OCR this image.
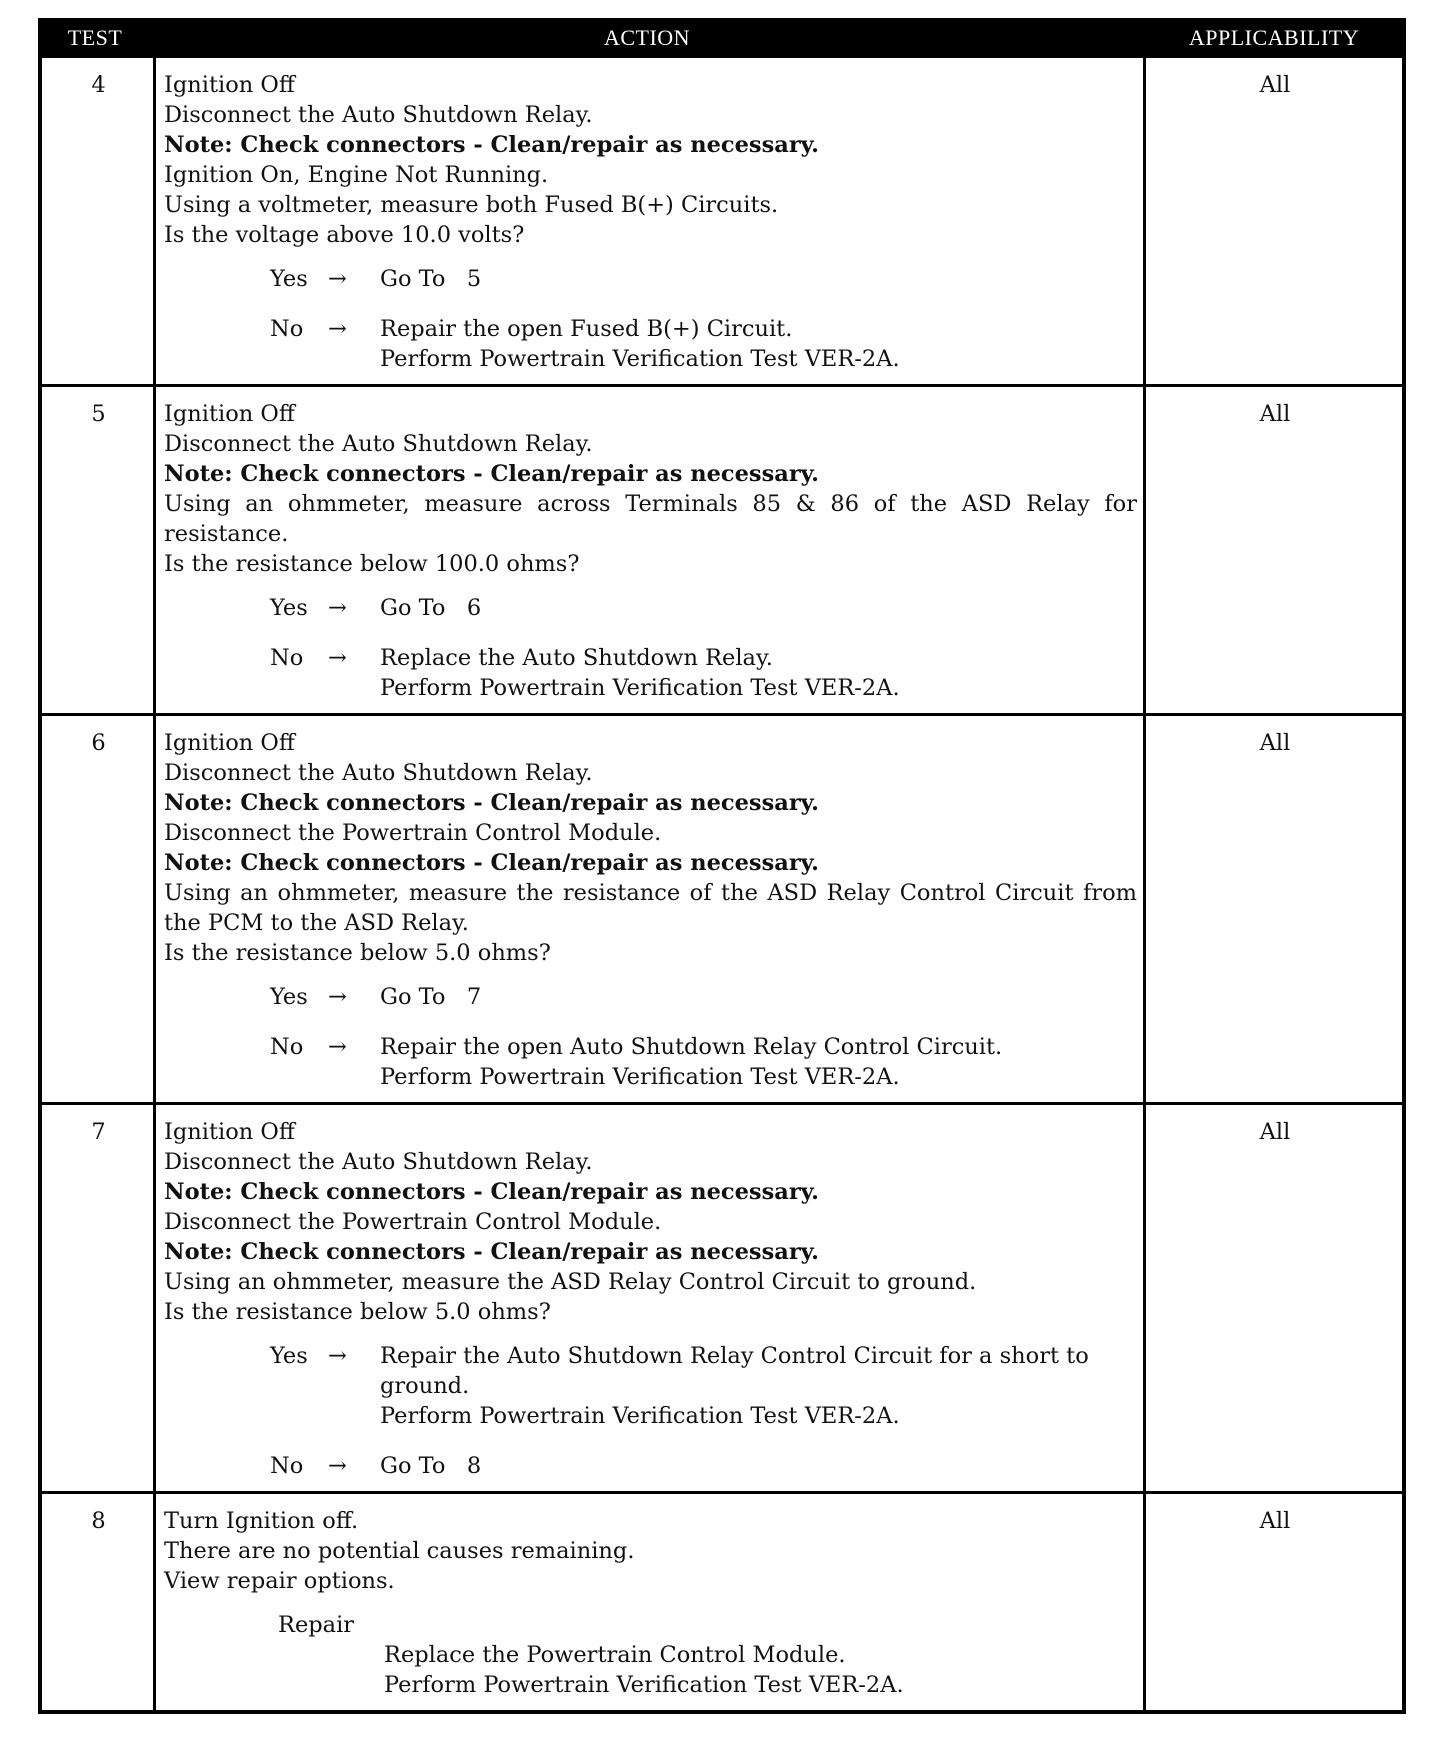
TEST	ACTION	APPLICABILITY
4	Ignition Off
Disconnect the Auto Shutdown Relay.
Note: Check connectors - Clean/repair as necessary.
Ignition On, Engine Not Running.
Using a voltmeter, measure both Fused B(+) Circuits.
Is the voltage above 10.0 volts?
Yes →	Go To   5
No	→	Repair the open Fused B(+) Circuit.
Perform Powertrain Verification Test VER-2A.
All
5	Ignition Off
Disconnect the Auto Shutdown Relay.
Note: Check connectors - Clean/repair as necessary.
Using an ohmmeter, measure across Terminals 85 & 86 of the ASD Relay for resistance.
Is the resistance below 100.0 ohms?
Yes →	Go To   6
No	→	Replace the Auto Shutdown Relay.
Perform Powertrain Verification Test VER-2A.
All
6	Ignition Off
Disconnect the Auto Shutdown Relay.
Note: Check connectors - Clean/repair as necessary.
Disconnect the Powertrain Control Module.
Note: Check connectors - Clean/repair as necessary.
Using an ohmmeter, measure the resistance of the ASD Relay Control Circuit from the PCM to the ASD Relay.
Is the resistance below 5.0 ohms?
Yes →	Go To   7
No	→	Repair the open Auto Shutdown Relay Control Circuit.
Perform Powertrain Verification Test VER-2A.
All
7	Ignition Off
Disconnect the Auto Shutdown Relay.
Note: Check connectors - Clean/repair as necessary.
Disconnect the Powertrain Control Module.
Note: Check connectors - Clean/repair as necessary.
Using an ohmmeter, measure the ASD Relay Control Circuit to ground.
Is the resistance below 5.0 ohms?
Yes →	Repair the Auto Shutdown Relay Control Circuit for a short to ground.
Perform Powertrain Verification Test VER-2A.
No	→	Go To   8
All
8	Turn Ignition off.
There are no potential causes remaining.
View repair options.
Repair
Replace the Powertrain Control Module.
Perform Powertrain Verification Test VER-2A.
All
